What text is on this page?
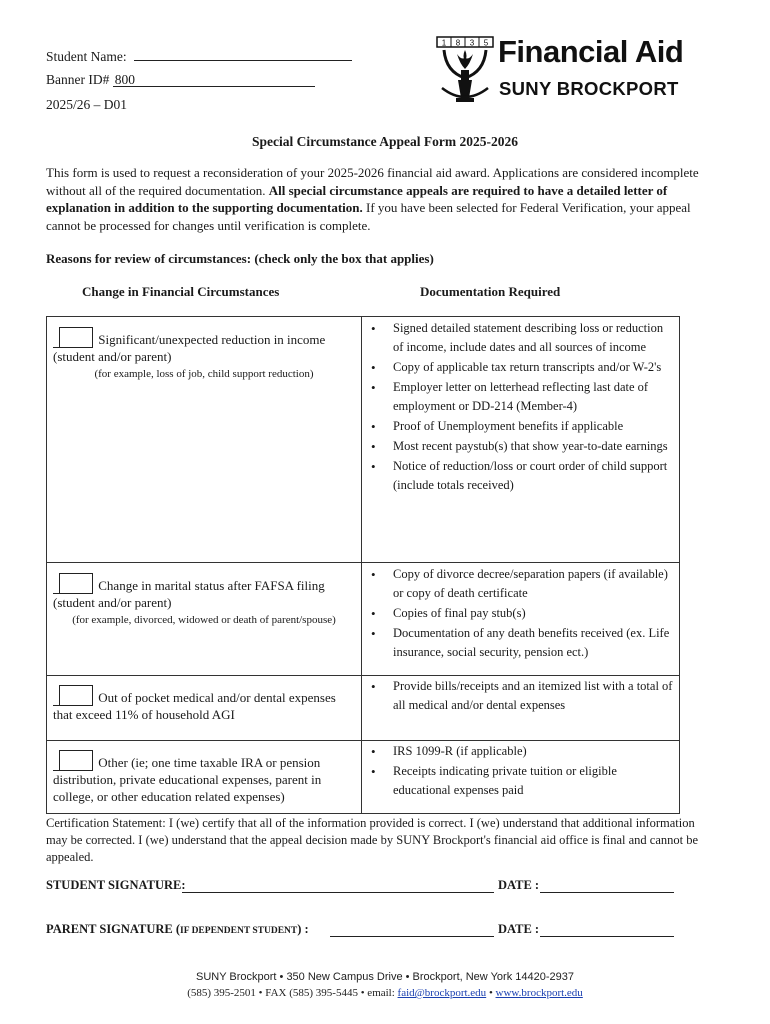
Student Name:
Banner ID# 800
2025/26 – D01
1 8 3 5 Financial Aid
SUNY BROCKPORT
Special Circumstance Appeal Form 2025-2026
This form is used to request a reconsideration of your 2025-2026 financial aid award. Applications are considered incomplete without all of the required documentation. All special circumstance appeals are required to have a detailed letter of explanation in addition to the supporting documentation. If you have been selected for Federal Verification, your appeal cannot be processed for changes until verification is complete.
Reasons for review of circumstances: (check only the box that applies)
Change in Financial Circumstances	Documentation Required
Significant/unexpected reduction in income (student and/or parent)
(for example, loss of job, child support reduction)
• Signed detailed statement describing loss or reduction of income, include dates and all sources of income
• Copy of applicable tax return transcripts and/or W-2's
• Employer letter on letterhead reflecting last date of employment or DD-214 (Member-4)
• Proof of Unemployment benefits if applicable
• Most recent paystub(s) that show year-to-date earnings
• Notice of reduction/loss or court order of child support (include totals received)
Change in marital status after FAFSA filing (student and/or parent)
(for example, divorced, widowed or death of parent/spouse)
• Copy of divorce decree/separation papers (if available) or copy of death certificate
• Copies of final pay stub(s)
• Documentation of any death benefits received (ex. Life insurance, social security, pension ect.)
Out of pocket medical and/or dental expenses that exceed 11% of household AGI
• Provide bills/receipts and an itemized list with a total of all medical and/or dental expenses
Other (ie; one time taxable IRA or pension distribution, private educational expenses, parent in college, or other education related expenses)
• IRS 1099-R (if applicable)
• Receipts indicating private tuition or eligible educational expenses paid
Certification Statement: I (we) certify that all of the information provided is correct. I (we) understand that additional information may be corrected. I (we) understand that the appeal decision made by SUNY Brockport's financial aid office is final and cannot be appealed.
STUDENT SIGNATURE:	DATE :
PARENT SIGNATURE (IF DEPENDENT STUDENT) :	DATE :
SUNY Brockport • 350 New Campus Drive • Brockport, New York 14420-2937
(585) 395-2501 • FAX (585) 395-5445 • email: faid@brockport.edu • www.brockport.edu
